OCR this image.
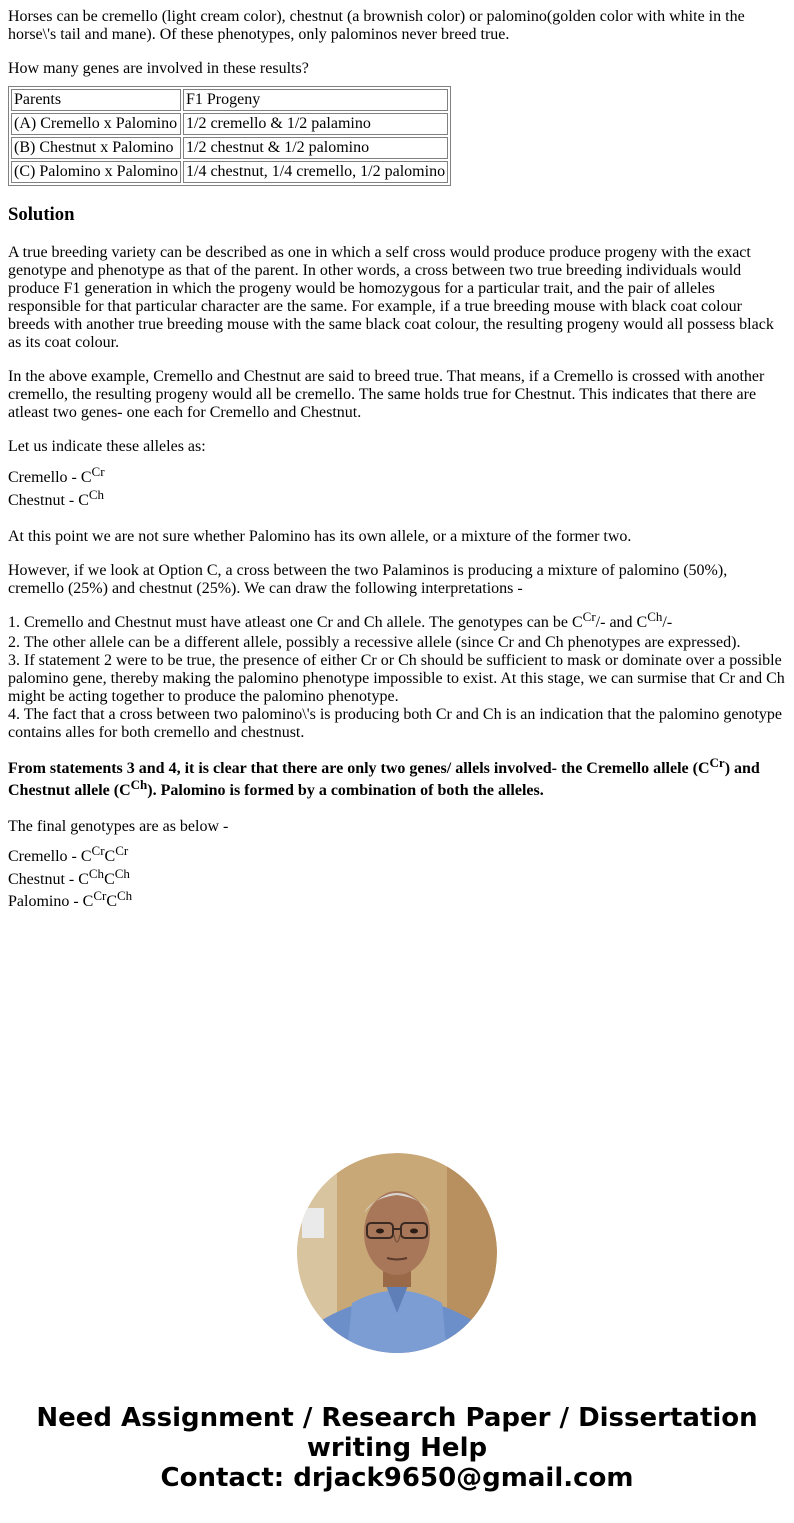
Horses can be cremello (light cream color), chestnut (a brownish color) or palomino(golden color with white in the horse\'s tail and mane). Of these phenotypes, only palominos never breed true.

How many genes are involved in these results?

Parents	F1 Progeny
(A) Cremello x Palomino	1/2 cremello & 1/2 palamino
(B) Chestnut x Palomino	1/2 chestnut & 1/2 palomino
(C) Palomino x Palomino	1/4 chestnut, 1/4 cremello, 1/2 palomino
Solution

A true breeding variety can be described as one in which a self cross would produce produce progeny with the exact genotype and phenotype as that of the parent. In other words, a cross between two true breeding individuals would produce F1 generation in which the progeny would be homozygous for a particular trait, and the pair of alleles responsible for that particular character are the same. For example, if a true breeding mouse with black coat colour breeds with another true breeding mouse with the same black coat colour, the resulting progeny would all possess black as its coat colour.

In the above example, Cremello and Chestnut are said to breed true. That means, if a Cremello is crossed with another cremello, the resulting progeny would all be cremello. The same holds true for Chestnut. This indicates that there are atleast two genes- one each for Cremello and Chestnut.

Let us indicate these alleles as:

Cremello - $C^{Cr}$
Chestnut - $C^{Ch}$

At this point we are not sure whether Palomino has its own allele, or a mixture of the former two.

However, if we look at Option C, a cross between the two Palaminos is producing a mixture of palomino (50%), cremello (25%) and chestnut (25%). We can draw the following interpretations -

1. Cremello and Chestnut must have atleast one Cr and Ch allele. The genotypes can be $C^{Cr}/-$ and $C^{Ch}/-$
2. The other allele can be a different allele, possibly a recessive allele (since Cr and Ch phenotypes are expressed).
3. If statement 2 were to be true, the presence of either Cr or Ch should be sufficient to mask or dominate over a possible palomino gene, thereby making the palomino phenotype impossible to exist. At this stage, we can surmise that Cr and Ch might be acting together to produce the palomino phenotype.
4. The fact that a cross between two palomino\'s is producing both Cr and Ch is an indication that the palomino genotype contains alles for both cremello and chestnust.

From statements 3 and 4, it is clear that there are only two genes/ allels involved- the Cremello allele $(C^{Cr})$ and Chestnut allele $(C^{Ch})$. Palomino is formed by a combination of both the alleles.

The final genotypes are as below -

Cremello - $C^{Cr}C^{Cr}$
Chestnut - $C^{Ch}C^{Ch}$
Palomino - $C^{Cr}C^{Ch}$
Need Assignment / Research Paper / Dissertation
writing Help
Contact: drjack9650@gmail.com
